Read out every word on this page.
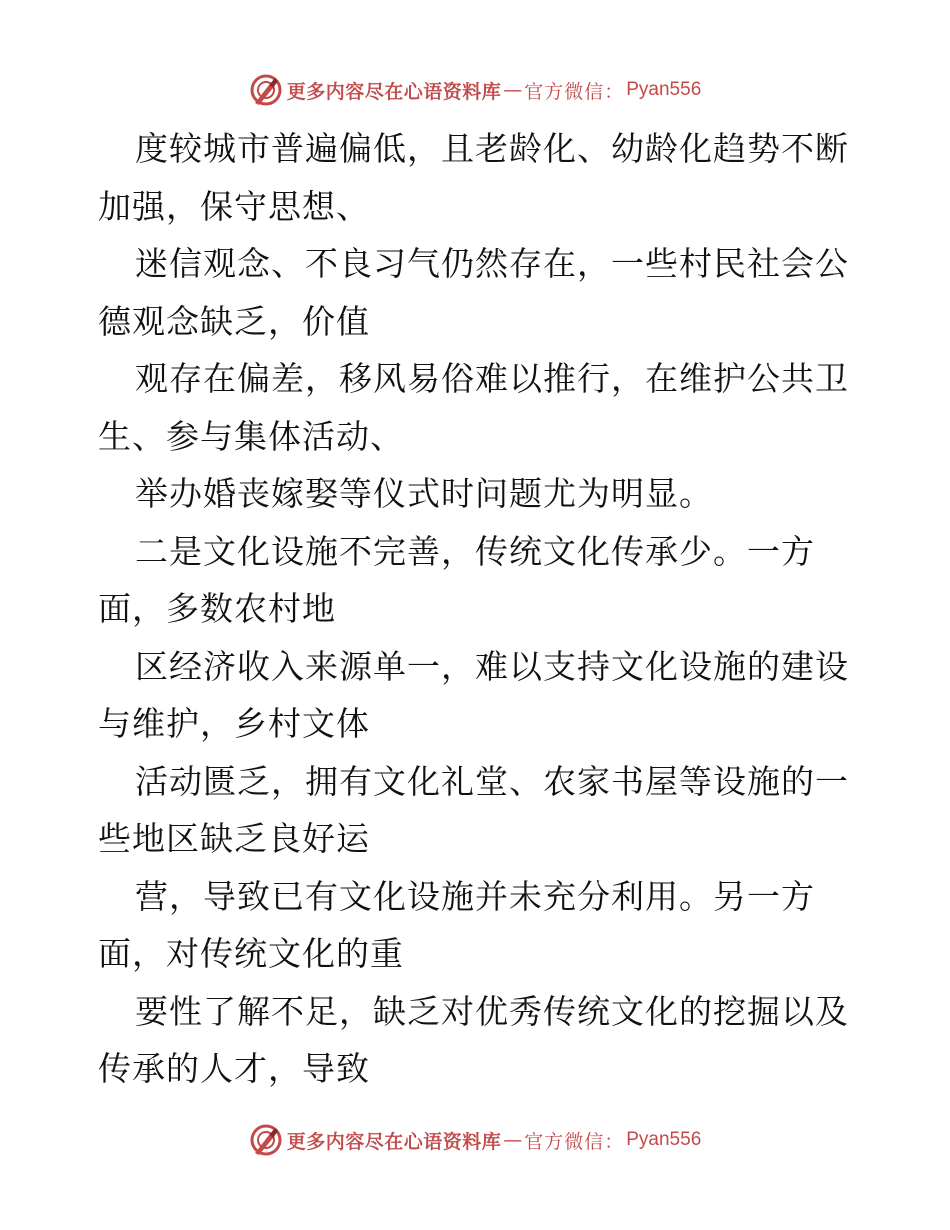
更多内容尽在心语资料库 — 官方微信： Pyan556
度较城市普遍偏低，且老龄化、幼龄化趋势不断
加强，保守思想、
迷信观念、不良习气仍然存在，一些村民社会公
德观念缺乏，价值
观存在偏差，移风易俗难以推行，在维护公共卫
生、参与集体活动、
举办婚丧嫁娶等仪式时问题尤为明显。
二是文化设施不完善，传统文化传承少。一方
面，多数农村地
区经济收入来源单一，难以支持文化设施的建设
与维护，乡村文体
活动匮乏，拥有文化礼堂、农家书屋等设施的一
些地区缺乏良好运
营，导致已有文化设施并未充分利用。另一方
面，对传统文化的重
要性了解不足，缺乏对优秀传统文化的挖掘以及
传承的人才，导致
更多内容尽在心语资料库 — 官方微信： Pyan556
